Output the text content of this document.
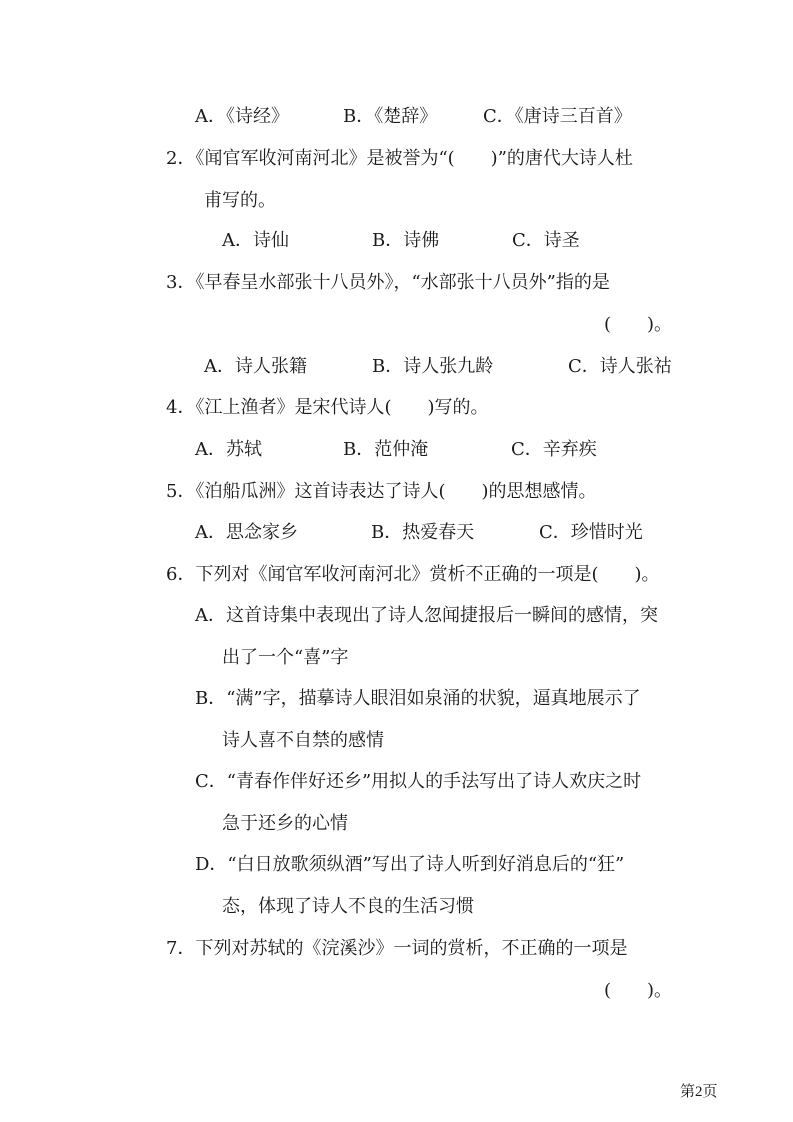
A．《诗经》	B．《楚辞》	C．《唐诗三百首》
2．《闻官军收河南河北》是被誉为“(　　)”的唐代大诗人杜
甫写的。
A．诗仙	B．诗佛	C．诗圣
3．《早春呈水部张十八员外》，“水部张十八员外”指的是
(　　)。
A．诗人张籍	B．诗人张九龄	C．诗人张祜
4．《江上渔者》是宋代诗人(　　)写的。
A．苏轼	B．范仲淹	C．辛弃疾
5．《泊船瓜洲》这首诗表达了诗人(　　)的思想感情。
A．思念家乡	B．热爱春天	C．珍惜时光
6．下列对《闻官军收河南河北》赏析不正确的一项是(　　)。
A．这首诗集中表现出了诗人忽闻捷报后一瞬间的感情，突
出了一个“喜”字
B．“满”字，描摹诗人眼泪如泉涌的状貌，逼真地展示了
诗人喜不自禁的感情
C．“青春作伴好还乡”用拟人的手法写出了诗人欢庆之时
急于还乡的心情
D．“白日放歌须纵酒”写出了诗人听到好消息后的“狂”
态，体现了诗人不良的生活习惯
7．下列对苏轼的《浣溪沙》一词的赏析，不正确的一项是
(　　)。
第2页
